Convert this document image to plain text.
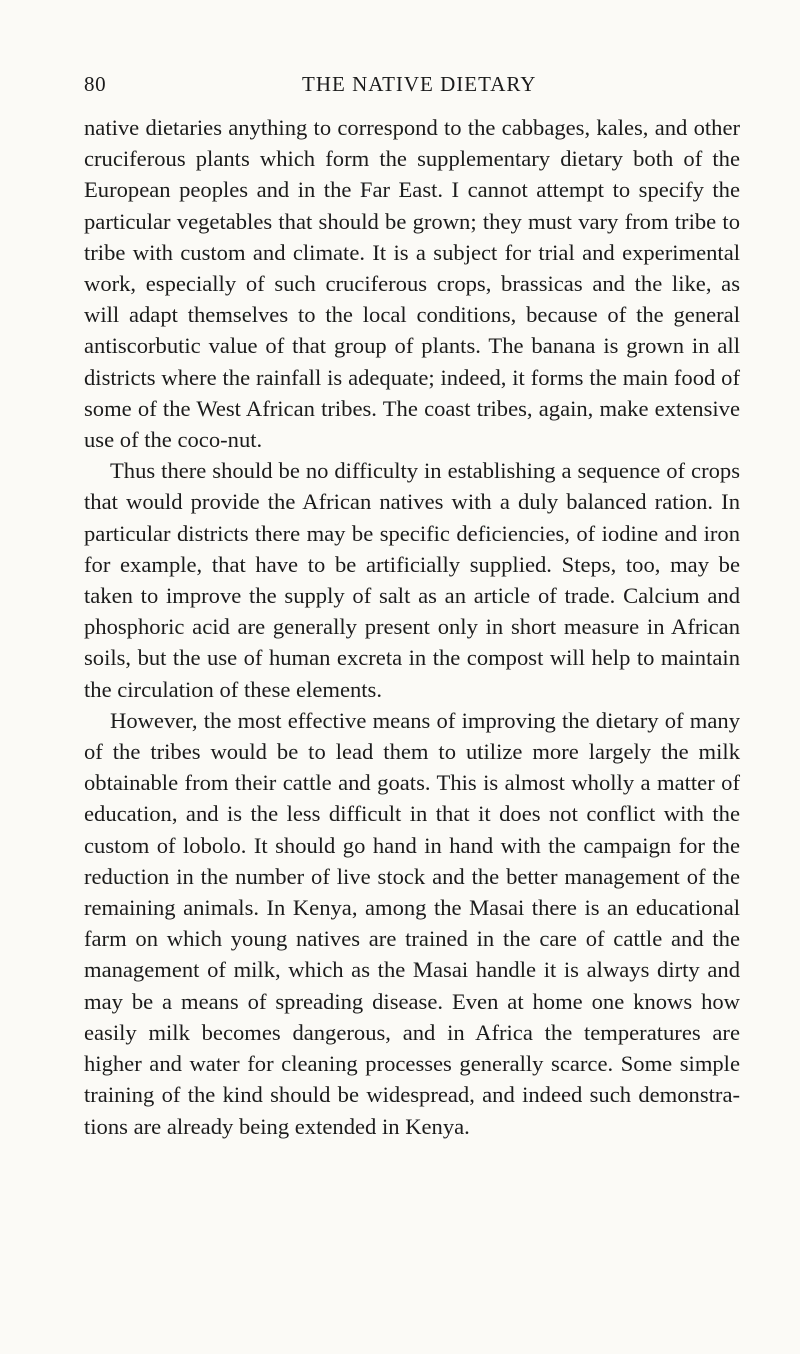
80	THE NATIVE DIETARY

native dietaries anything to correspond to the cabbages, kales, and other cruciferous plants which form the supplementary dietary both of the European peoples and in the Far East. I cannot attempt to specify the particular vegetables that should be grown; they must vary from tribe to tribe with custom and climate. It is a subject for trial and experimental work, especially of such cruciferous crops, brassicas and the like, as will adapt themselves to the local conditions, because of the general antiscorbutic value of that group of plants. The banana is grown in all districts where the rainfall is adequate; indeed, it forms the main food of some of the West African tribes. The coast tribes, again, make extensive use of the coco-nut.

Thus there should be no difficulty in establishing a sequence of crops that would provide the African natives with a duly balanced ration. In particular districts there may be specific deficiencies, of iodine and iron for example, that have to be artificially supplied. Steps, too, may be taken to improve the supply of salt as an article of trade. Calcium and phosphoric acid are generally present only in short measure in African soils, but the use of human excreta in the compost will help to maintain the circulation of these elements.

However, the most effective means of improving the dietary of many of the tribes would be to lead them to utilize more largely the milk obtainable from their cattle and goats. This is almost wholly a matter of education, and is the less difficult in that it does not conflict with the custom of lobolo. It should go hand in hand with the campaign for the reduction in the number of live stock and the better management of the remaining animals. In Kenya, among the Masai there is an educational farm on which young natives are trained in the care of cattle and the management of milk, which as the Masai handle it is always dirty and may be a means of spreading disease. Even at home one knows how easily milk becomes dangerous, and in Africa the temperatures are higher and water for cleaning processes generally scarce. Some simple training of the kind should be widespread, and indeed such demonstrations are already being extended in Kenya.
